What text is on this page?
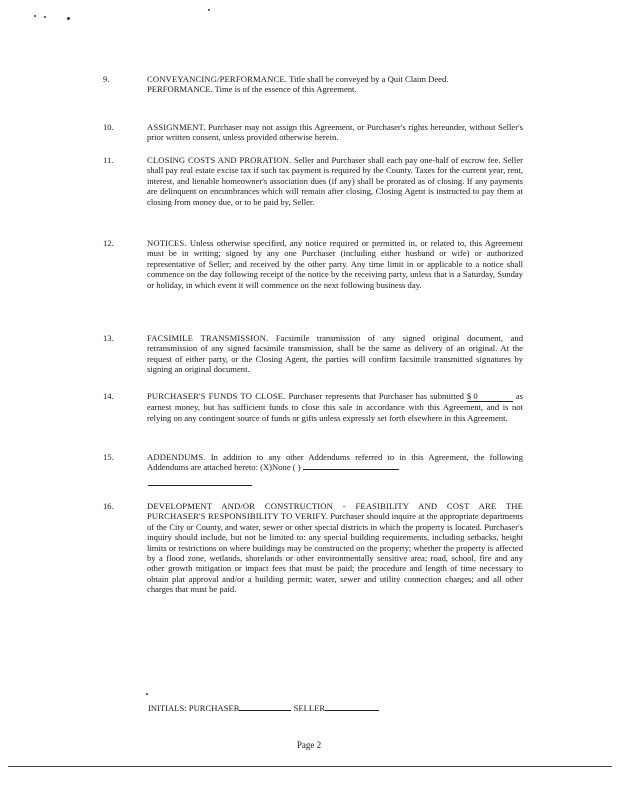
9.	CONVEYANCING/PERFORMANCE. Title shall be conveyed by a Quit Claim Deed.
PERFORMANCE. Time is of the essence of this Agreement.
10.	ASSIGNMENT. Purchaser may not assign this Agreement, or Purchaser's rights hereunder, without Seller's prior written consent, unless provided otherwise herein.
11.	CLOSING COSTS AND PRORATION. Seller and Purchaser shall each pay one-half of escrow fee. Seller shall pay real estate excise tax if such tax payment is required by the County. Taxes for the current year, rent, interest, and lienable homeowner's association dues (if any) shall be prorated as of closing. If any payments are delinquent on encumbrances which will remain after closing, Closing Agent is instructed to pay them at closing from money due, or to be paid by, Seller.
12.	NOTICES. Unless otherwise specified, any notice required or permitted in, or related to, this Agreement must be in writing; signed by any one Purchaser (including either husband or wife) or authorized representative of Seller; and received by the other party. Any time limit in or applicable to a notice shall commence on the day following receipt of the notice by the receiving party, unless that is a Saturday, Sunday or holiday, in which event it will commence on the next following business day.
13.	FACSIMILE TRANSMISSION. Facsimile transmission of any signed original document, and retransmission of any signed facsimile transmission, shall be the same as delivery of an original. At the request of either party, or the Closing Agent, the parties will confirm facsimile transmitted signatures by signing an original document.
14.	PURCHASER'S FUNDS TO CLOSE. Purchaser represents that Purchaser has submitted $ 0	as earnest money, but has sufficient funds to close this sale in accordance with this Agreement, and is not relying on any contingent source of funds or gifts unless expressly set forth elsewhere in this Agreement.
15.	ADDENDUMS. In addition to any other Addendums referred to in this Agreement, the following Addendums are attached hereto: (X)None ( )
16.	DEVELOPMENT AND/OR CONSTRUCTION - FEASIBILITY AND COST ARE THE PURCHASER'S RESPONSIBILITY TO VERIFY. Purchaser should inquire at the appropriate departments of the City or County, and water, sewer or other special districts in which the property is located. Purchaser's inquiry should include, but not be limited to: any special building requirements, including setbacks, height limits or restrictions on where buildings may be constructed on the property; whether the property is affected by a flood zone, wetlands, shorelands or other environmentally sensitive area; road, school, fire and any other growth mitigation or impact fees that must be paid; the procedure and length of time necessary to obtain plat approval and/or a building permit; water, sewer and utility connection charges; and all other charges that must be paid.
INITIALS: PURCHASER	SELLER
Page 2
